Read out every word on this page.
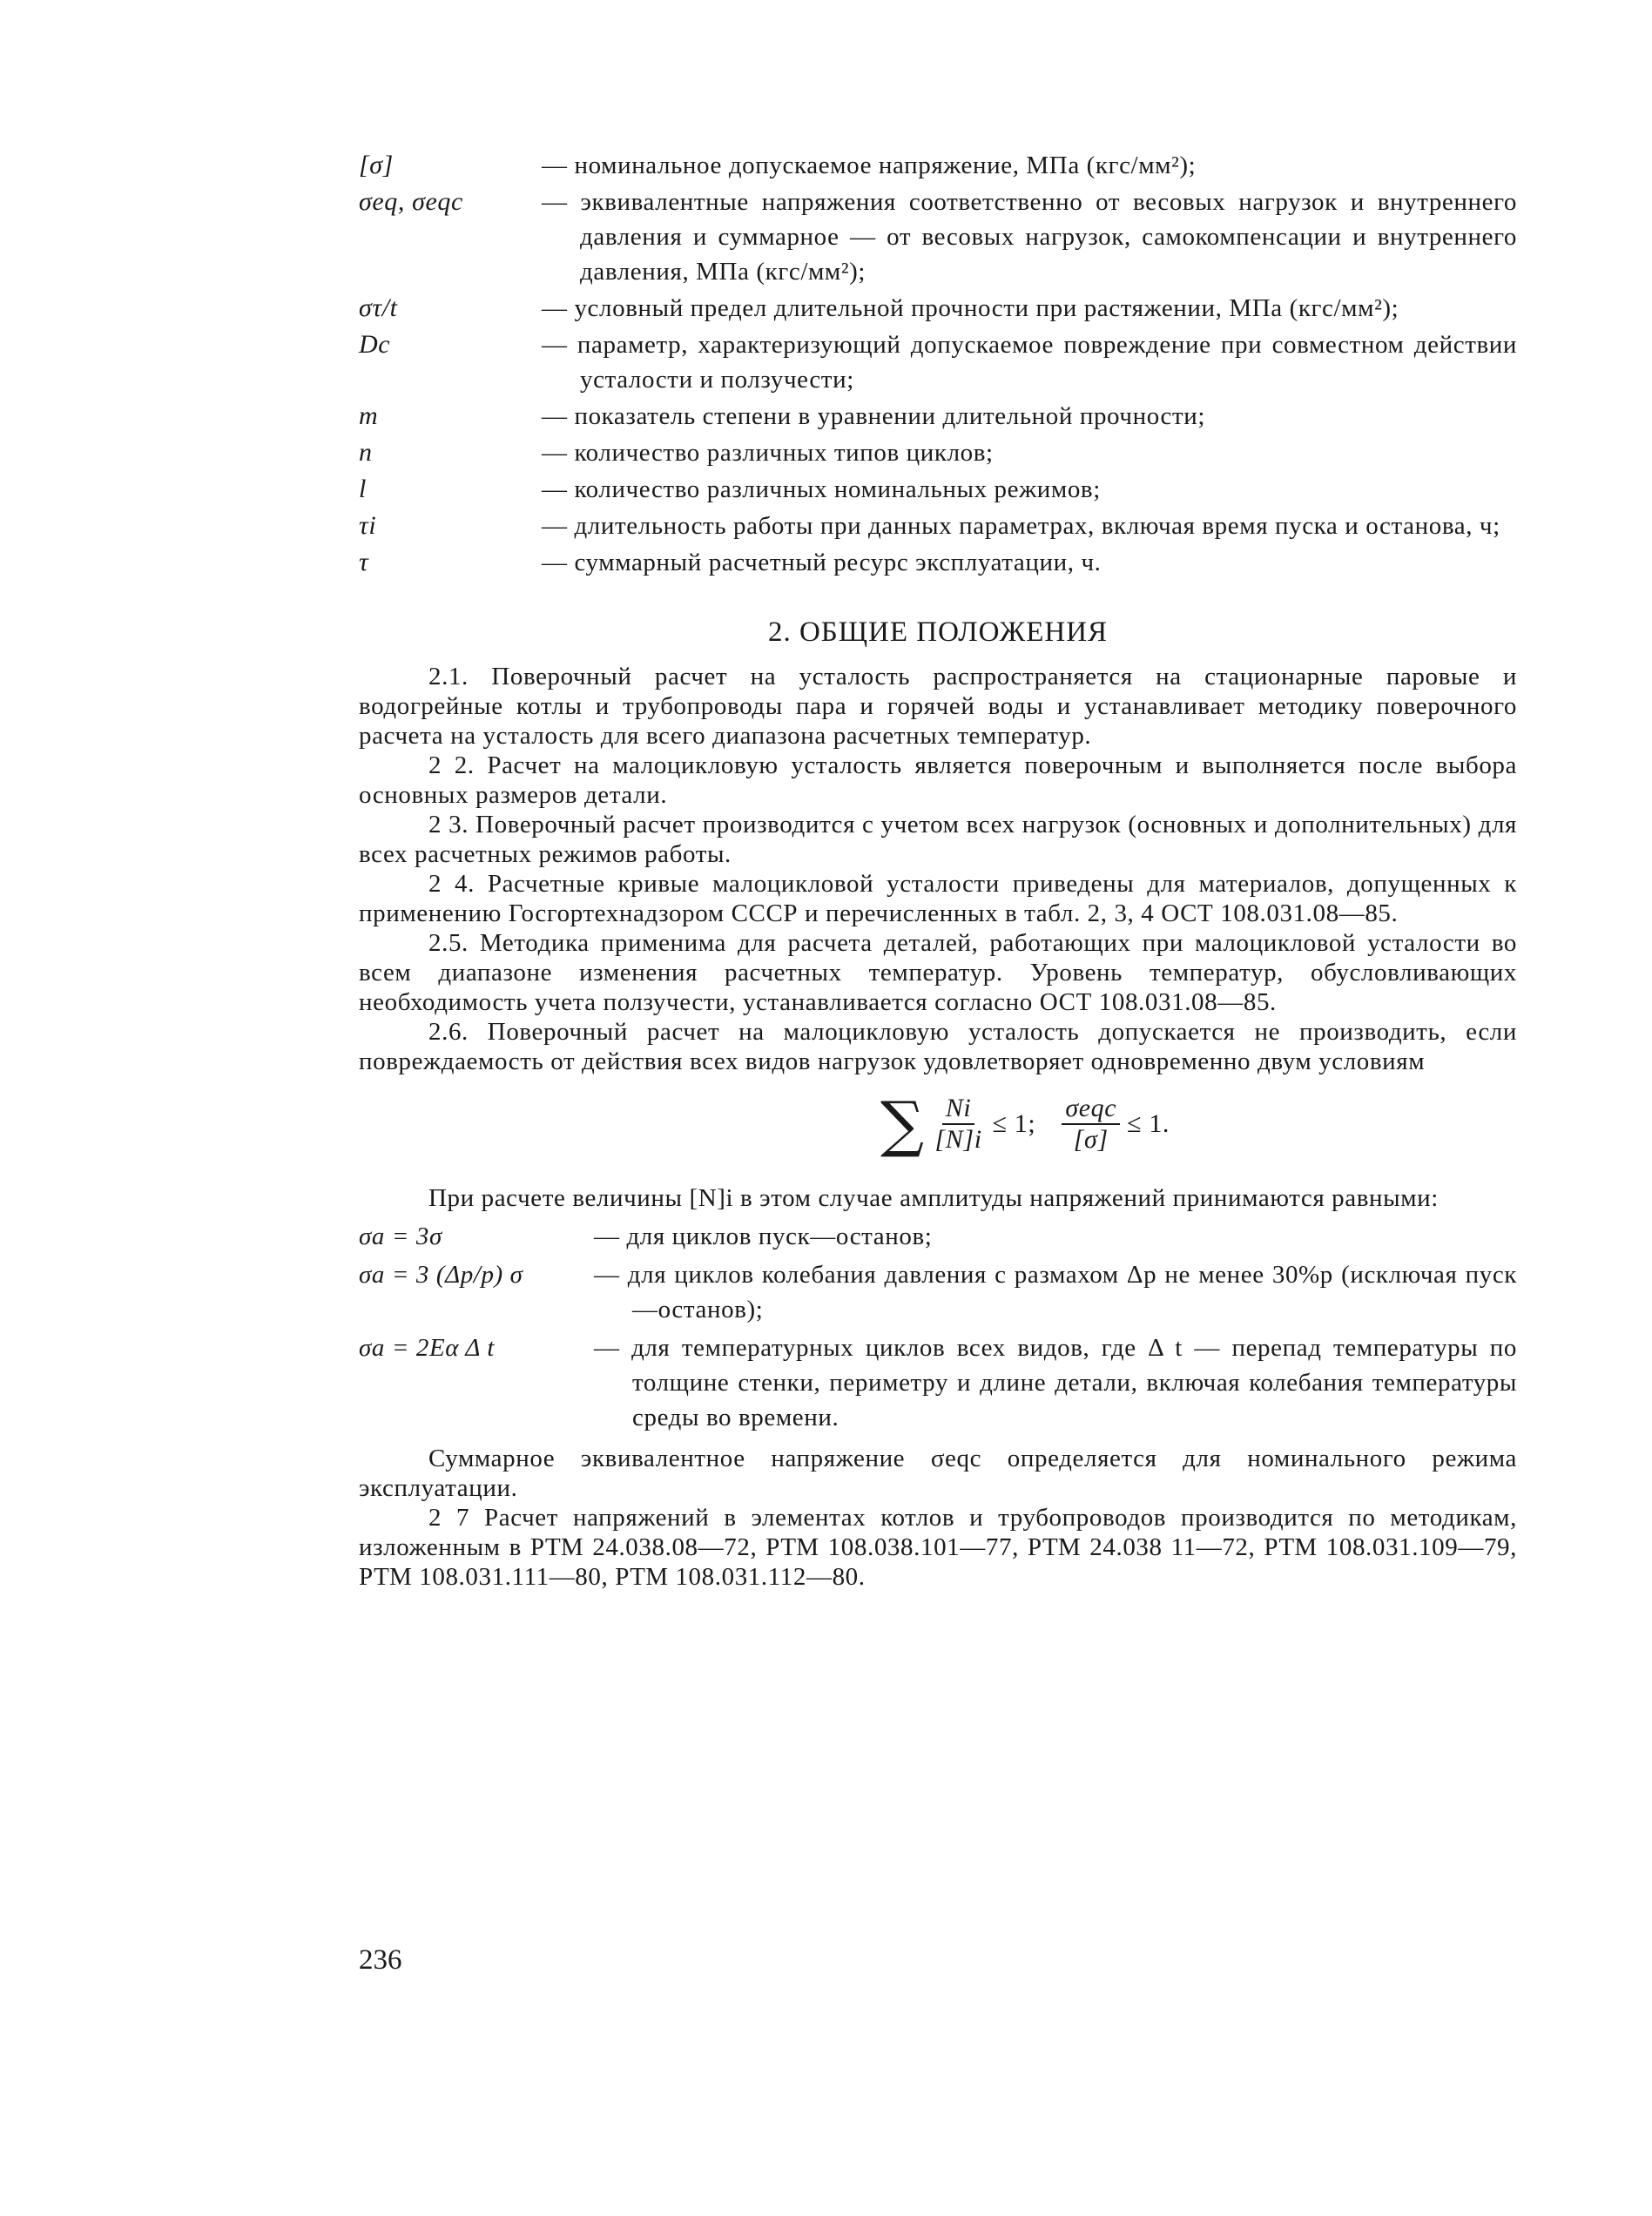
[σ]	— номинальное допускаемое напряжение, МПа (кгс/мм²);
σeq, σeqc	— эквивалентные напряжения соответственно от весовых нагрузок и внутреннего давления и суммарное — от весовых нагрузок, самокомпенсации и внутреннего давления, МПа (кгс/мм²);
στ/t	— условный предел длительной прочности при растяжении, МПа (кгс/мм²);
Dc	— параметр, характеризующий допускаемое повреждение при совместном действии усталости и ползучести;
m	— показатель степени в уравнении длительной прочности;
n	— количество различных типов циклов;
l	— количество различных номинальных режимов;
τi	— длительность работы при данных параметрах, включая время пуска и останова, ч;
τ	— суммарный расчетный ресурс эксплуатации, ч.
2. ОБЩИЕ ПОЛОЖЕНИЯ

2.1. Поверочный расчет на усталость распространяется на стационарные паровые и водогрейные котлы и трубопроводы пара и горячей воды и устанавливает методику поверочного расчета на усталость для всего диапазона расчетных температур.

2 2. Расчет на малоцикловую усталость является поверочным и выполняется после выбора основных размеров детали.

2 3. Поверочный расчет производится с учетом всех нагрузок (основных и дополнительных) для всех расчетных режимов работы.

2 4. Расчетные кривые малоцикловой усталости приведены для материалов, допущенных к применению Госгортехнадзором СССР и перечисленных в табл. 2, 3, 4 ОСТ 108.031.08—85.

2.5. Методика применима для расчета деталей, работающих при малоцикловой усталости во всем диапазоне изменения расчетных температур. Уровень температур, обусловливающих необходимость учета ползучести, устанавливается согласно ОСТ 108.031.08—85.

2.6. Поверочный расчет на малоцикловую усталость допускается не производить, если повреждаемость от действия всех видов нагрузок удовлетворяет одновременно двум условиям

∑ $\frac{Ni}{[N]i} \le 1$; $\frac{\text{σeqc}}{[\sigma]} \le 1$.

При расчете величины [N]i в этом случае амплитуды напряжений принимаются равными:

σa = 3σ	— для циклов пуск—останов;
σa = 3 (Δp/p) σ	— для циклов колебания давления с размахом Δp не менее 30%p (исключая пуск—останов);
σa = 2Eα Δ t	— для температурных циклов всех видов, где Δ t — перепад температуры по толщине стенки, периметру и длине детали, включая колебания температуры среды во времени.

Суммарное эквивалентное напряжение σeqc определяется для номинального режима эксплуатации.

2 7 Расчет напряжений в элементах котлов и трубопроводов производится по методикам, изложенным в РТМ 24.038.08—72, РТМ 108.038.101—77, РТМ 24.038 11—72, РТМ 108.031.109—79, РТМ 108.031.111—80, РТМ 108.031.112—80.

236
